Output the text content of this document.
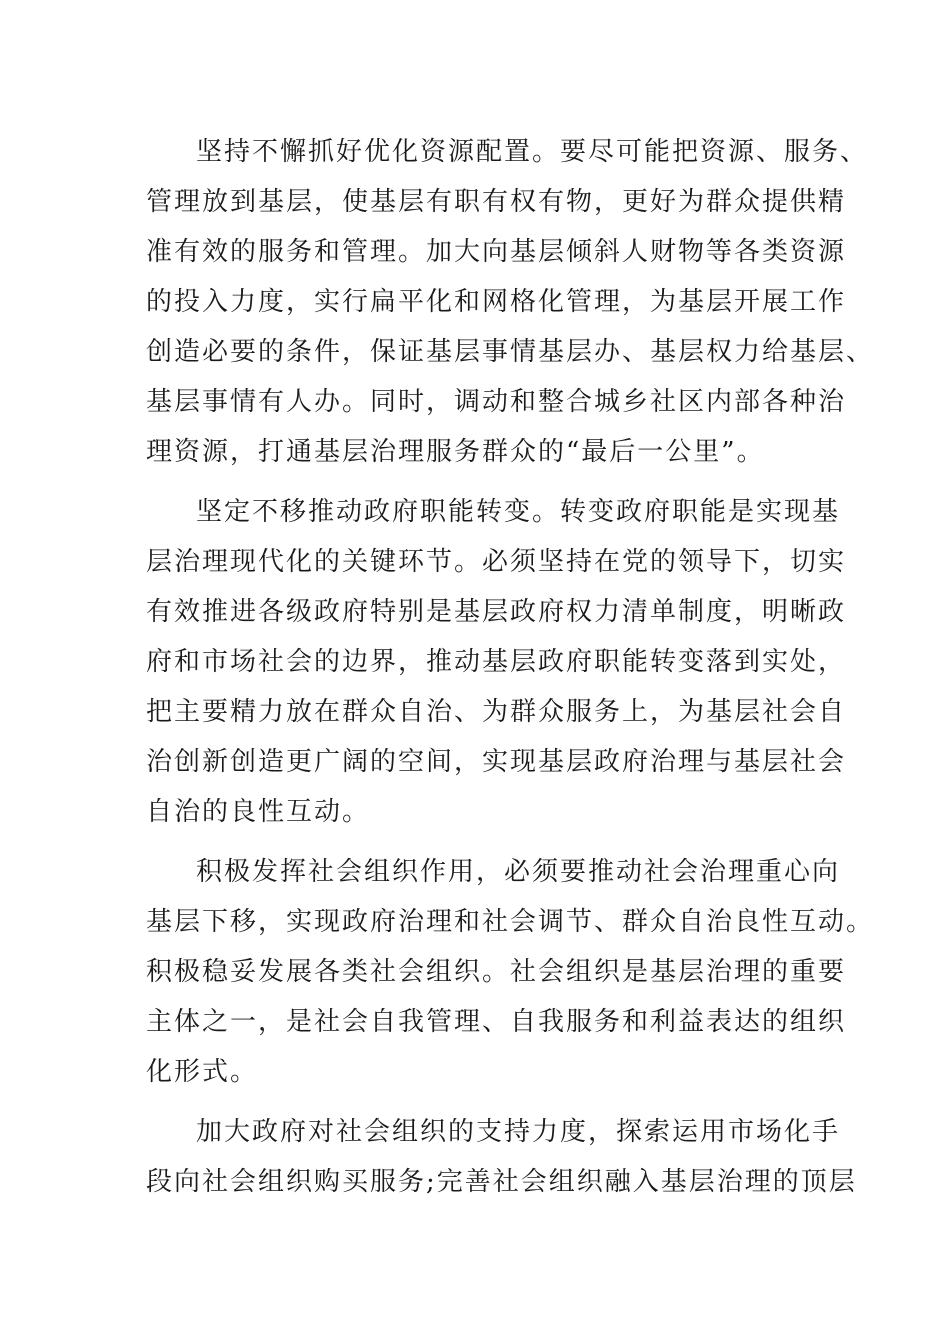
坚持不懈抓好优化资源配置。要尽可能把资源、服务、
管理放到基层，使基层有职有权有物，更好为群众提供精
准有效的服务和管理。加大向基层倾斜人财物等各类资源
的投入力度，实行扁平化和网格化管理，为基层开展工作
创造必要的条件，保证基层事情基层办、基层权力给基层、
基层事情有人办。同时，调动和整合城乡社区内部各种治
理资源，打通基层治理服务群众的“最后一公里”。
坚定不移推动政府职能转变。转变政府职能是实现基
层治理现代化的关键环节。必须坚持在党的领导下，切实
有效推进各级政府特别是基层政府权力清单制度，明晰政
府和市场社会的边界，推动基层政府职能转变落到实处，
把主要精力放在群众自治、为群众服务上，为基层社会自
治创新创造更广阔的空间，实现基层政府治理与基层社会
自治的良性互动。
积极发挥社会组织作用，必须要推动社会治理重心向
基层下移，实现政府治理和社会调节、群众自治良性互动。
积极稳妥发展各类社会组织。社会组织是基层治理的重要
主体之一，是社会自我管理、自我服务和利益表达的组织
化形式。
加大政府对社会组织的支持力度，探索运用市场化手
段向社会组织购买服务;完善社会组织融入基层治理的顶层
